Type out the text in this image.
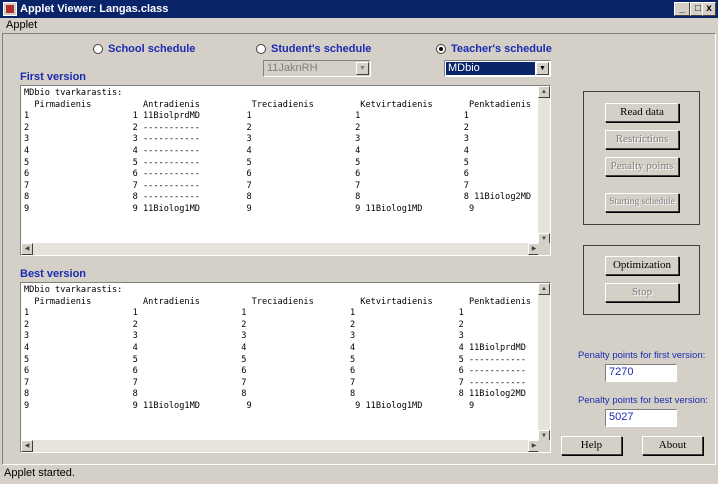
Applet Viewer: Langas.class	_	□ x
Applet
School schedule	Student's schedule	Teacher's schedule
11JaknRH	▼	MDbio	▼
First version
MDbio tvarkarastis:
Pirmadienis          Antradienis          Treciadienis         Ketvirtadienis       Penktadienis
1                    1 11BiolprdMD         1                    1                    1
2                    2 -----------         2                    2                    2
3                    3 -----------         3                    3                    3
4                    4 -----------         4                    4                    4
5                    5 -----------         5                    5                    5
6                    6 -----------         6                    6                    6
7                    7 -----------         7                    7                    7
8                    8 -----------         8                    8                    8 11Biolog2MD
9                    9 11Biolog1MD         9                    9 11Biolog1MD         9
▲
▼
◀	▶
Best version
MDbio tvarkarastis:
Pirmadienis          Antradienis          Treciadienis         Ketvirtadienis       Penktadienis
1                    1                    1                    1                    1
2                    2                    2                    2                    2
3                    3                    3                    3                    3
4                    4                    4                    4                    4 11BiolprdMD
5                    5                    5                    5                    5 -----------
6                    6                    6                    6                    6 -----------
7                    7                    7                    7                    7 -----------
8                    8                    8                    8                    8 11Biolog2MD
9                    9 11Biolog1MD         9                    9 11Biolog1MD         9
▲
▼
◀	▶
Read data
Restrictions
Penalty points
Starting schedule
Optimization
Stop
Penalty points for first version:
7270
Penalty points for best version:
5027
Help	About
Applet started.
